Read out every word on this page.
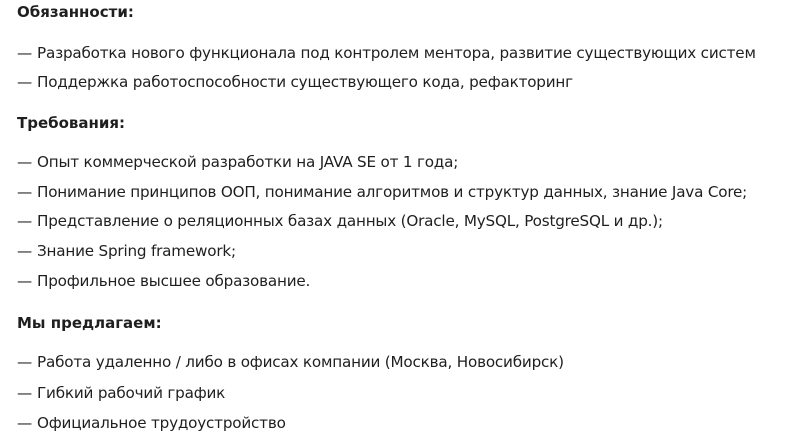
Обязанности:
— Разработка нового функционала под контролем ментора, развитие существующих систем
— Поддержка работоспособности существующего кода, рефакторинг
Требования:
— Опыт коммерческой разработки на JAVA SE от 1 года;
— Понимание принципов ООП, понимание алгоритмов и структур данных, знание Java Core;
— Представление о реляционных базах данных (Oracle, MySQL, PostgreSQL и др.);
— Знание Spring framework;
— Профильное высшее образование.
Мы предлагаем:
— Работа удаленно / либо в офисах компании (Москва, Новосибирск)
— Гибкий рабочий график
— Официальное трудоустройство
